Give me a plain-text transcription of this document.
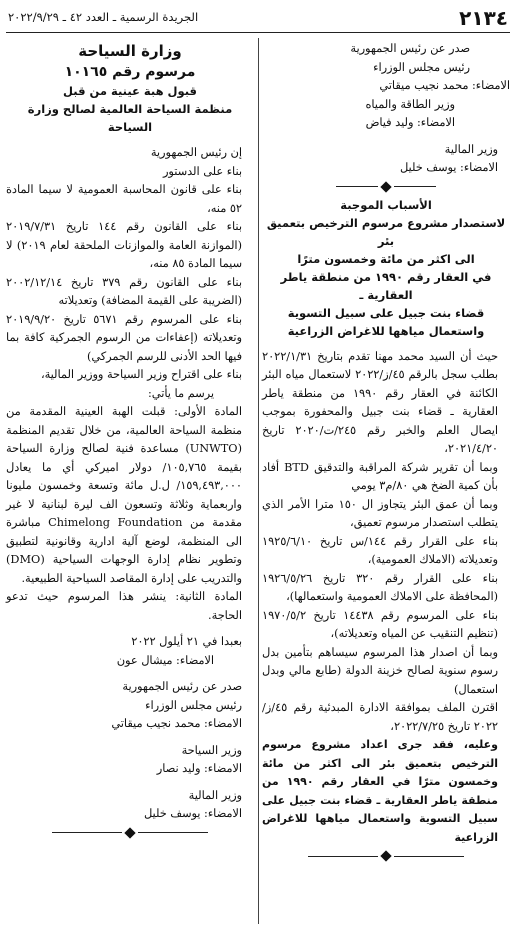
٢١٣٤
الجريدة الرسمية ـ العدد ٤٢ ـ ٢٠٢٢/٩/٢٩

صدر عن رئيس الجمهورية

رئيس مجلس الوزراء

الامضاء: محمد نجيب ميقاتي

وزير الطاقة والمياه

الامضاء: وليد فياض

وزير المالية

الامضاء: يوسف خليل

الأسباب الموجبة

لاستصدار مشروع مرسوم الترخيص بتعميق بئر

الى اكثر من مائة وخمسون مترًا

في العقار رقم ١٩٩٠ من منطقة ياطر العقارية ـ

قضاء بنت جبيل على سبيل التسوية

واستعمال مياهها للاغراض الزراعية

حيث أن السيد محمد مهنا تقدم بتاريخ ٢٠٢٢/١/٣١ بطلب سجل بالرقم ٤٥/ز/٢٠٢٢ لاستعمال مياه البئر الكائنة في العقار رقم ١٩٩٠ من منطقة ياطر العقارية ـ قضاء بنت جبيل والمحفورة بموجب ايصال العلم والخبر رقم ٢٤٥/ت/٢٠٢٠ تاريخ ٢٠٢١/٤/٢٠،

وبما أن تقرير شركة المراقبة والتدقيق BTD أفاد بأن كمية الضخ هي ٨٠/م٣ يومي

وبما أن عمق البئر يتجاوز ال ١٥٠ مترا الأمر الذي يتطلب استصدار مرسوم تعميق،

بناء على القرار رقم ١٤٤/س تاريخ ١٩٢٥/٦/١٠ وتعديلاته (الاملاك العمومية)،

بناء على القرار رقم ٣٢٠ تاريخ ١٩٢٦/٥/٢٦ (المحافظة على الاملاك العمومية واستعمالها)،

بناء على المرسوم رقم ١٤٤٣٨ تاريخ ١٩٧٠/٥/٢ (تنظيم التنقيب عن المياه وتعديلاته)،

وبما أن اصدار هذا المرسوم سيساهم بتأمين بدل رسوم سنوية لصالح خزينة الدولة (طابع مالي وبدل استعمال)

اقترن الملف بموافقة الادارة المبدئية رقم ٤٥/ز/٢٠٢٢ تاريخ ٢٠٢٢/٧/٢٥،

وعليه، فقد جرى اعداد مشروع مرسوم الترخيص بتعميق بئر الى اكثر من مائة وخمسون مترًا في العقار رقم ١٩٩٠ من منطقة ياطر العقارية ـ قضاء بنت جبيل على سبيل التسوية واستعمال مياهها للاغراض الزراعية

وزارة السياحة

مرسوم رقم ١٠١٦٥

قبول هبة عينية من قبل

منظمة السياحة العالمية لصالح وزارة السياحة

إن رئيس الجمهورية

بناء على الدستور

بناء على قانون المحاسبة العمومية لا سيما المادة ٥٢ منه،

بناء على القانون رقم ١٤٤ تاريخ ٢٠١٩/٧/٣١ (الموازنة العامة والموازنات الملحقة لعام ٢٠١٩) لا سيما المادة ٨٥ منه،

بناء على القانون رقم ٣٧٩ تاريخ ٢٠٠٢/١٢/١٤ (الضريبة على القيمة المضافة) وتعديلاته

بناء على المرسوم رقم ٥٦٧١ تاريخ ٢٠١٩/٩/٢٠ وتعديلاته (إعفاءات من الرسوم الجمركية كافة بما فيها الحد الأدنى للرسم الجمركي)

بناء على اقتراح وزير السياحة ووزير المالية،

يرسم ما يأتي:

المادة الأولى: قبلت الهبة العينية المقدمة من منظمة السياحة العالمية، من خلال تقديم المنظمة (UNWTO) مساعدة فنية لصالح وزارة السياحة بقيمة ١٠٥,٧٦٥/ دولار اميركي أي ما يعادل ١٥٩,٤٩٣,٠٠٠/ ل.ل مائة وتسعة وخمسون مليونا واربعماية وثلاثة وتسعون الف ليرة لبنانية لا غير مقدمة من Chimelong Foundation مباشرة الى المنظمة، لوضع آلية ادارية وقانونية لتطبيق وتطوير نظام إدارة الوجهات السياحية (DMO) والتدريب على إدارة المقاصد السياحية الطبيعية.

المادة الثانية: ينشر هذا المرسوم حيث تدعو الحاجة.

بعبدا في ٢١ أيلول ٢٠٢٢

الامضاء: ميشال عون

صدر عن رئيس الجمهورية

رئيس مجلس الوزراء

الامضاء: محمد نجيب ميقاتي

وزير السياحة

الامضاء: وليد نصار

وزير المالية

الامضاء: يوسف خليل
